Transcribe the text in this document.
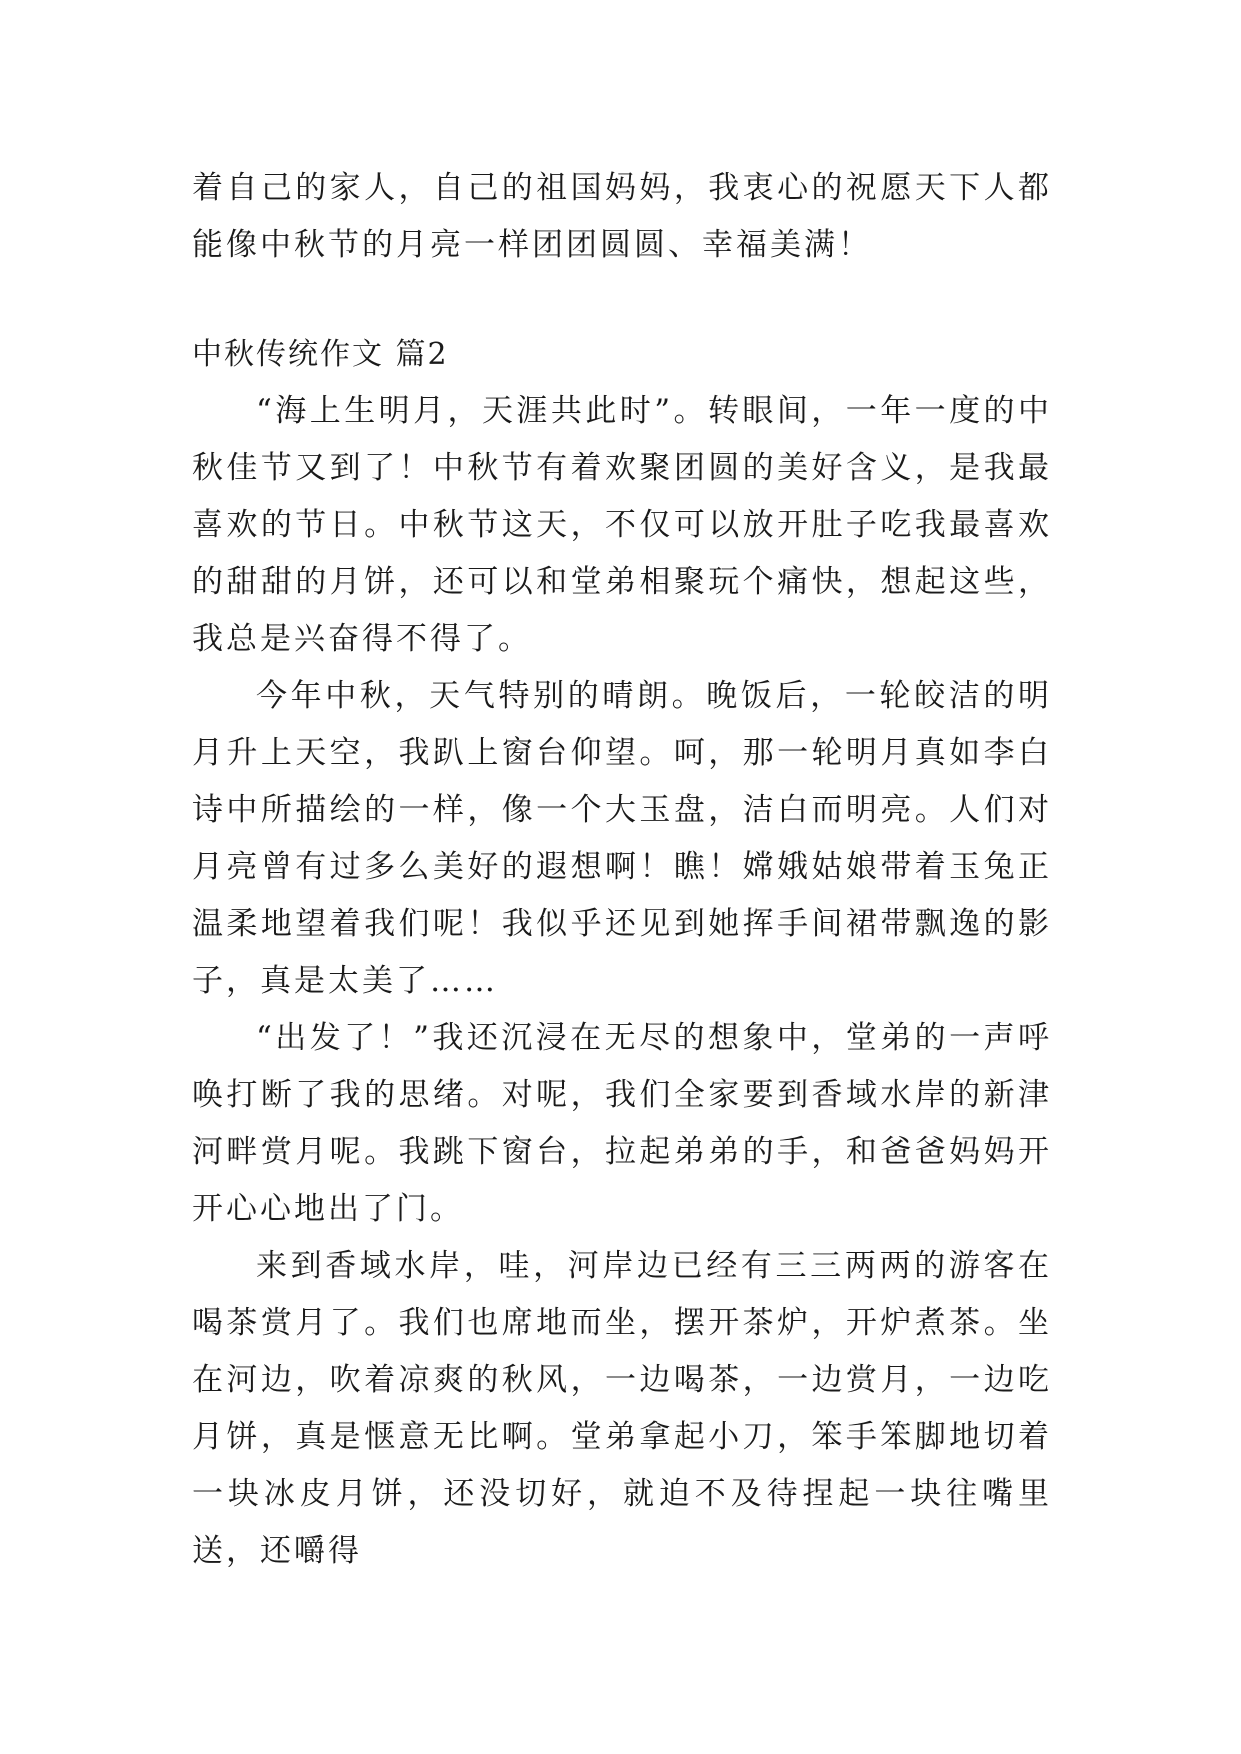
着自己的家人，自己的祖国妈妈，我衷心的祝愿天下人都能像中秋节的月亮一样团团圆圆、幸福美满！

中秋传统作文 篇2

“海上生明月，天涯共此时”。转眼间，一年一度的中秋佳节又到了！中秋节有着欢聚团圆的美好含义，是我最喜欢的节日。中秋节这天，不仅可以放开肚子吃我最喜欢的甜甜的月饼，还可以和堂弟相聚玩个痛快，想起这些，我总是兴奋得不得了。

今年中秋，天气特别的晴朗。晚饭后，一轮皎洁的明月升上天空，我趴上窗台仰望。呵，那一轮明月真如李白诗中所描绘的一样，像一个大玉盘，洁白而明亮。人们对月亮曾有过多么美好的遐想啊！瞧！嫦娥姑娘带着玉兔正温柔地望着我们呢！我似乎还见到她挥手间裙带飘逸的影子，真是太美了……

“出发了！”我还沉浸在无尽的想象中，堂弟的一声呼唤打断了我的思绪。对呢，我们全家要到香域水岸的新津河畔赏月呢。我跳下窗台，拉起弟弟的手，和爸爸妈妈开开心心地出了门。

来到香域水岸，哇，河岸边已经有三三两两的游客在喝茶赏月了。我们也席地而坐，摆开茶炉，开炉煮茶。坐在河边，吹着凉爽的秋风，一边喝茶，一边赏月，一边吃月饼，真是惬意无比啊。堂弟拿起小刀，笨手笨脚地切着一块冰皮月饼，还没切好，就迫不及待捏起一块往嘴里送，还嚼得
